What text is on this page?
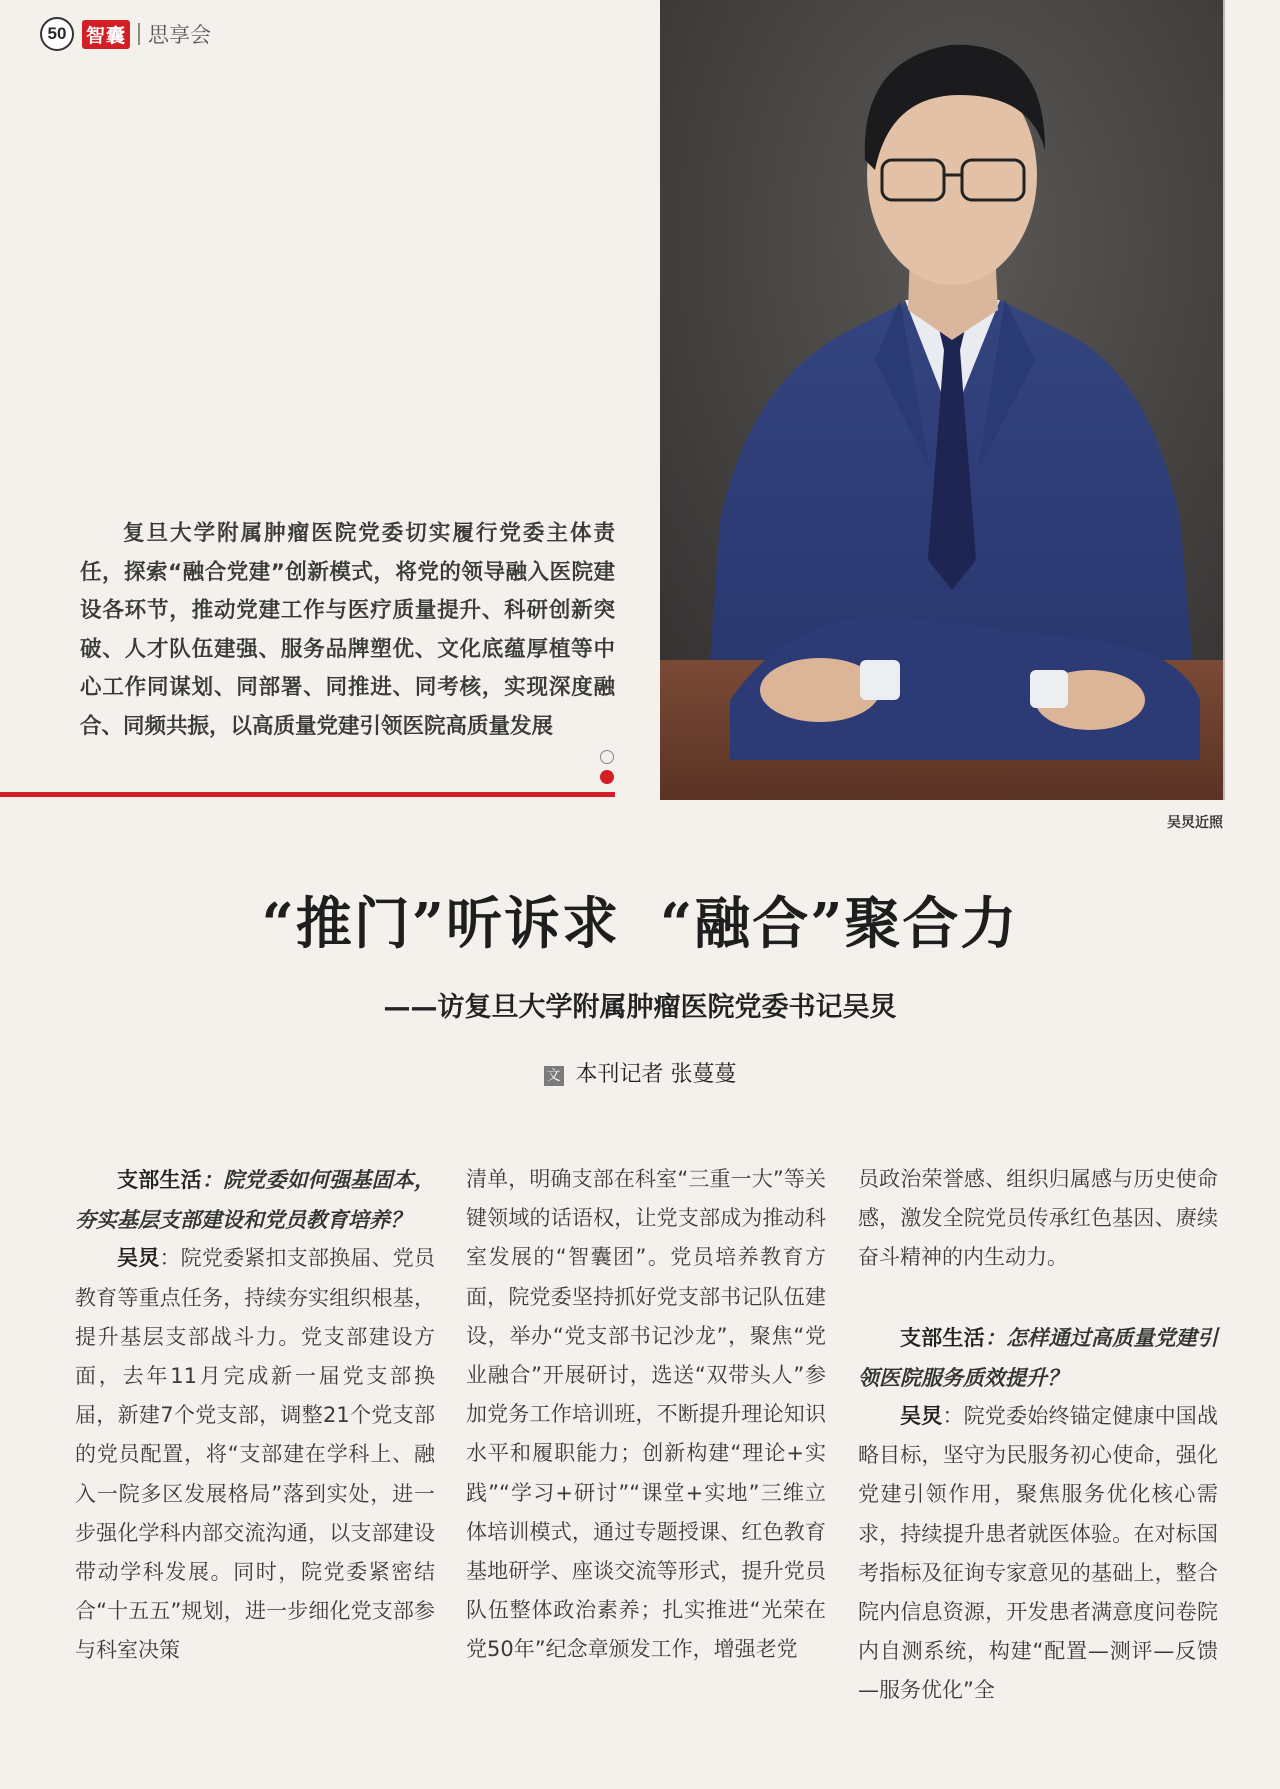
50	智囊 思享会
吴炅近照
复旦大学附属肿瘤医院党委切实履行党委主体责任，探索“融合党建”创新模式，将党的领导融入医院建设各环节，推动党建工作与医疗质量提升、科研创新突破、人才队伍建强、服务品牌塑优、文化底蕴厚植等中心工作同谋划、同部署、同推进、同考核，实现深度融合、同频共振，以高质量党建引领医院高质量发展
“推门”听诉求 “融合”聚合力
——访复旦大学附属肿瘤医院党委书记吴炅
文 本刊记者 张蔓蔓

支部生活：院党委如何强基固本，夯实基层支部建设和党员教育培养？

吴炅：院党委紧扣支部换届、党员教育等重点任务，持续夯实组织根基，提升基层支部战斗力。党支部建设方面，去年11月完成新一届党支部换届，新建7个党支部，调整21个党支部的党员配置，将“支部建在学科上、融入一院多区发展格局”落到实处，进一步强化学科内部交流沟通，以支部建设带动学科发展。同时，院党委紧密结合“十五五”规划，进一步细化党支部参与科室决策

清单，明确支部在科室“三重一大”等关键领域的话语权，让党支部成为推动科室发展的“智囊团”。党员培养教育方面，院党委坚持抓好党支部书记队伍建设，举办“党支部书记沙龙”，聚焦“党业融合”开展研讨，选送“双带头人”参加党务工作培训班，不断提升理论知识水平和履职能力；创新构建“理论+实践”“学习+研讨”“课堂+实地”三维立体培训模式，通过专题授课、红色教育基地研学、座谈交流等形式，提升党员队伍整体政治素养；扎实推进“光荣在党50年”纪念章颁发工作，增强老党

员政治荣誉感、组织归属感与历史使命感，激发全院党员传承红色基因、赓续奋斗精神的内生动力。

支部生活：怎样通过高质量党建引领医院服务质效提升？

吴炅：院党委始终锚定健康中国战略目标，坚守为民服务初心使命，强化党建引领作用，聚焦服务优化核心需求，持续提升患者就医体验。在对标国考指标及征询专家意见的基础上，整合院内信息资源，开发患者满意度问卷院内自测系统，构建“配置—测评—反馈—服务优化”全
